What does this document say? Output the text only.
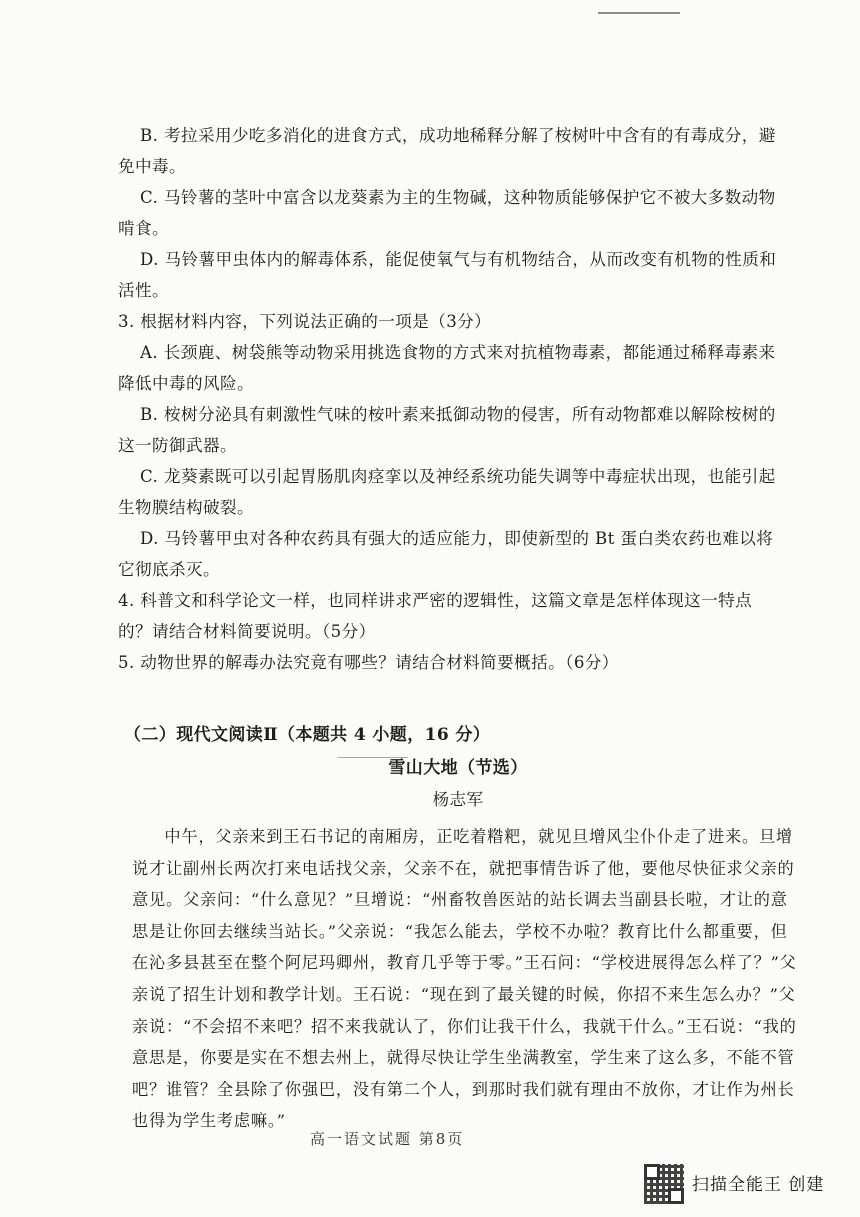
B. 考拉采用少吃多消化的进食方式，成功地稀释分解了桉树叶中含有的有毒成分，避
免中毒。

C. 马铃薯的茎叶中富含以龙葵素为主的生物碱，这种物质能够保护它不被大多数动物
啃食。

D. 马铃薯甲虫体内的解毒体系，能促使氧气与有机物结合，从而改变有机物的性质和
活性。

3. 根据材料内容，下列说法正确的一项是（3分）

A. 长颈鹿、树袋熊等动物采用挑选食物的方式来对抗植物毒素，都能通过稀释毒素来
降低中毒的风险。

B. 桉树分泌具有刺激性气味的桉叶素来抵御动物的侵害，所有动物都难以解除桉树的
这一防御武器。

C. 龙葵素既可以引起胃肠肌肉痉挛以及神经系统功能失调等中毒症状出现，也能引起
生物膜结构破裂。

D. 马铃薯甲虫对各种农药具有强大的适应能力，即使新型的 Bt 蛋白类农药也难以将
它彻底杀灭。

4. 科普文和科学论文一样，也同样讲求严密的逻辑性，这篇文章是怎样体现这一特点

的？请结合材料简要说明。（5分）

5. 动物世界的解毒办法究竟有哪些？请结合材料简要概括。（6分）

（二）现代文阅读Ⅱ（本题共 4 小题，16 分）
雪山大地（节选）
杨志军
中午，父亲来到王石书记的南厢房，正吃着糌粑，就见旦增风尘仆仆走了进来。旦增说才让副州长两次打来电话找父亲，父亲不在，就把事情告诉了他，要他尽快征求父亲的意见。父亲问：“什么意见？”旦增说：“州畜牧兽医站的站长调去当副县长啦，才让的意思是让你回去继续当站长。”父亲说：“我怎么能去，学校不办啦？教育比什么都重要，但在沁多县甚至在整个阿尼玛卿州，教育几乎等于零。”王石问：“学校进展得怎么样了？”父亲说了招生计划和教学计划。王石说：“现在到了最关键的时候，你招不来生怎么办？”父亲说：“不会招不来吧？招不来我就认了，你们让我干什么，我就干什么。”王石说：“我的意思是，你要是实在不想去州上，就得尽快让学生坐满教室，学生来了这么多，不能不管吧？谁管？全县除了你强巴，没有第二个人，到那时我们就有理由不放你，才让作为州长也得为学生考虑嘛。”
高一语文试题 第8页
扫描全能王 创建
